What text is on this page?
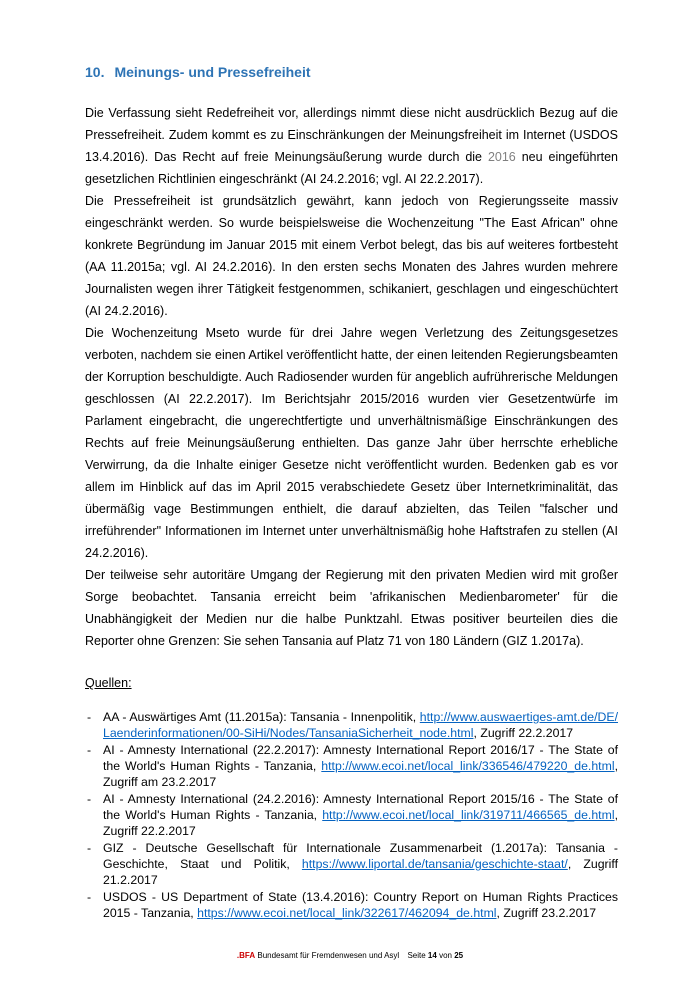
10. Meinungs- und Pressefreiheit

Die Verfassung sieht Redefreiheit vor, allerdings nimmt diese nicht ausdrücklich Bezug auf die Pressefreiheit. Zudem kommt es zu Einschränkungen der Meinungsfreiheit im Internet (USDOS 13.4.2016). Das Recht auf freie Meinungsäußerung wurde durch die 2016 neu eingeführten gesetzlichen Richtlinien eingeschränkt (AI 24.2.2016; vgl. AI 22.2.2017).

Die Pressefreiheit ist grundsätzlich gewährt, kann jedoch von Regierungsseite massiv eingeschränkt werden. So wurde beispielsweise die Wochenzeitung "The East African" ohne konkrete Begründung im Januar 2015 mit einem Verbot belegt, das bis auf weiteres fortbesteht (AA 11.2015a; vgl. AI 24.2.2016). In den ersten sechs Monaten des Jahres wurden mehrere Journalisten wegen ihrer Tätigkeit festgenommen, schikaniert, geschlagen und eingeschüchtert (AI 24.2.2016).

Die Wochenzeitung Mseto wurde für drei Jahre wegen Verletzung des Zeitungsgesetzes verboten, nachdem sie einen Artikel veröffentlicht hatte, der einen leitenden Regierungsbeamten der Korruption beschuldigte. Auch Radiosender wurden für angeblich aufrührerische Meldungen geschlossen (AI 22.2.2017). Im Berichtsjahr 2015/2016 wurden vier Gesetzentwürfe im Parlament eingebracht, die ungerechtfertigte und unverhältnismäßige Einschränkungen des Rechts auf freie Meinungsäußerung enthielten. Das ganze Jahr über herrschte erhebliche Verwirrung, da die Inhalte einiger Gesetze nicht veröffentlicht wurden. Bedenken gab es vor allem im Hinblick auf das im April 2015 verabschiedete Gesetz über Internetkriminalität, das übermäßig vage Bestimmungen enthielt, die darauf abzielten, das Teilen "falscher und irreführender" Informationen im Internet unter unverhältnismäßig hohe Haftstrafen zu stellen (AI 24.2.2016).

Der teilweise sehr autoritäre Umgang der Regierung mit den privaten Medien wird mit großer Sorge beobachtet. Tansania erreicht beim 'afrikanischen Medienbarometer' für die Unabhängigkeit der Medien nur die halbe Punktzahl. Etwas positiver beurteilen dies die Reporter ohne Grenzen: Sie sehen Tansania auf Platz 71 von 180 Ländern (GIZ 1.2017a).

Quellen:
- AA - Auswärtiges Amt (11.2015a): Tansania - Innenpolitik, http://www.auswaertiges-amt.de/DE/Laenderinformationen/00-SiHi/Nodes/TansaniaSicherheit_node.html, Zugriff 22.2.2017
- AI - Amnesty International (22.2.2017): Amnesty International Report 2016/17 - The State of the World's Human Rights - Tanzania, http://www.ecoi.net/local_link/336546/479220_de.html, Zugriff am 23.2.2017
- AI - Amnesty International (24.2.2016): Amnesty International Report 2015/16 - The State of the World's Human Rights - Tanzania, http://www.ecoi.net/local_link/319711/466565_de.html, Zugriff 22.2.2017
- GIZ - Deutsche Gesellschaft für Internationale Zusammenarbeit (1.2017a): Tansania - Geschichte, Staat und Politik, https://www.liportal.de/tansania/geschichte-staat/, Zugriff 21.2.2017
- USDOS - US Department of State (13.4.2016): Country Report on Human Rights Practices 2015 - Tanzania, https://www.ecoi.net/local_link/322617/462094_de.html, Zugriff 23.2.2017
.BFA Bundesamt für Fremdenwesen und Asyl Seite 14 von 25
